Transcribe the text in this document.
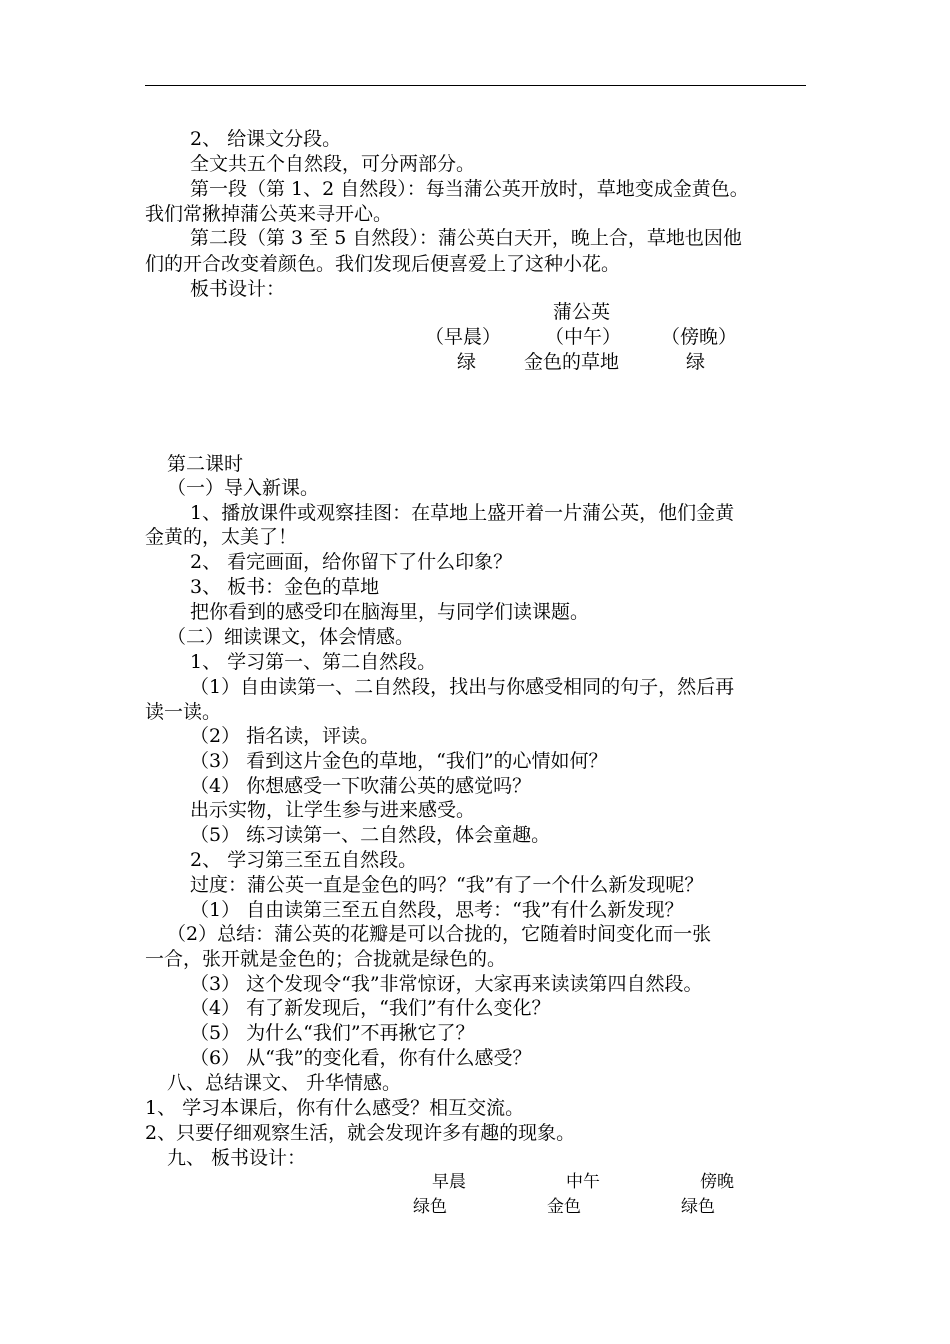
2、 给课文分段。
全文共五个自然段，可分两部分。
第一段（第 1、2 自然段）：每当蒲公英开放时，草地变成金黄色。
我们常揪掉蒲公英来寻开心。
第二段（第 3 至 5 自然段）：蒲公英白天开，晚上合，草地也因他
们的开合改变着颜色。我们发现后便喜爱上了这种小花。
板书设计：
蒲公英
（早晨） （中午） （傍晚）
绿	金色的草地	绿
第二课时
（一）导入新课。
1、播放课件或观察挂图：在草地上盛开着一片蒲公英，他们金黄
金黄的，太美了！
2、 看完画面，给你留下了什么印象？
3、 板书：金色的草地
把你看到的感受印在脑海里，与同学们读课题。
（二）细读课文，体会情感。
1、 学习第一、第二自然段。
（1）自由读第一、二自然段，找出与你感受相同的句子，然后再
读一读。
（2） 指名读，评读。
（3） 看到这片金色的草地，“我们”的心情如何？
（4） 你想感受一下吹蒲公英的感觉吗？
出示实物，让学生参与进来感受。
（5） 练习读第一、二自然段，体会童趣。
2、 学习第三至五自然段。
过度：蒲公英一直是金色的吗？“我”有了一个什么新发现呢？
（1） 自由读第三至五自然段，思考：“我”有什么新发现？
（2）总结：蒲公英的花瓣是可以合拢的，它随着时间变化而一张
一合，张开就是金色的；合拢就是绿色的。
（3） 这个发现令“我”非常惊讶，大家再来读读第四自然段。
（4） 有了新发现后，“我们”有什么变化？
（5） 为什么“我们”不再揪它了？
（6） 从“我”的变化看，你有什么感受？
八、总结课文、 升华情感。
1、 学习本课后，你有什么感受？相互交流。
2、只要仔细观察生活，就会发现许多有趣的现象。
九、 板书设计：
早晨	中午	傍晚
绿色	金色	绿色
